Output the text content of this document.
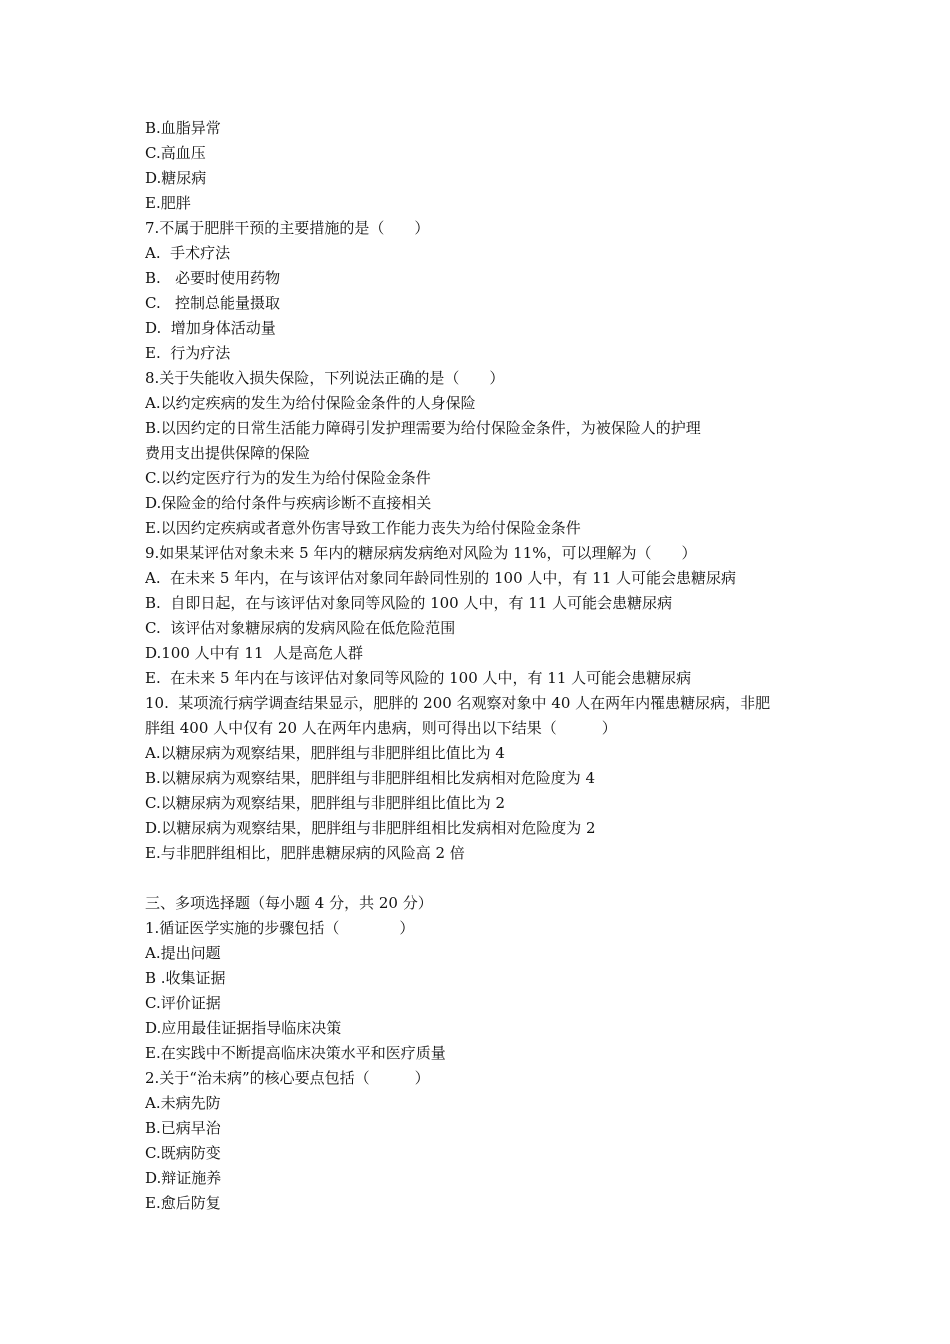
B.血脂异常
C.高血压
D.糖尿病
E.肥胖
7.不属于肥胖干预的主要措施的是（　　）
A.  手术疗法
B.   必要时使用药物
C.   控制总能量摄取
D.  增加身体活动量
E.  行为疗法
8.关于失能收入损失保险，下列说法正确的是（　　）
A.以约定疾病的发生为给付保险金条件的人身保险
B.以因约定的日常生活能力障碍引发护理需要为给付保险金条件，为被保险人的护理
费用支出提供保障的保险
C.以约定医疗行为的发生为给付保险金条件
D.保险金的给付条件与疾病诊断不直接相关
E.以因约定疾病或者意外伤害导致工作能力丧失为给付保险金条件
9.如果某评估对象未来 5 年内的糖尿病发病绝对风险为 11%，可以理解为（　　）
A.  在未来 5 年内，在与该评估对象同年龄同性别的 100 人中，有 11 人可能会患糖尿病
B.  自即日起，在与该评估对象同等风险的 100 人中，有 11 人可能会患糖尿病
C.  该评估对象糖尿病的发病风险在低危险范围
D.100 人中有 11  人是高危人群
E.  在未来 5 年内在与该评估对象同等风险的 100 人中，有 11 人可能会患糖尿病
10.  某项流行病学调查结果显示，肥胖的 200 名观察对象中 40 人在两年内罹患糖尿病，非肥
胖组 400 人中仅有 20 人在两年内患病，则可得出以下结果（　　　）
A.以糖尿病为观察结果，肥胖组与非肥胖组比值比为 4
B.以糖尿病为观察结果，肥胖组与非肥胖组相比发病相对危险度为 4
C.以糖尿病为观察结果，肥胖组与非肥胖组比值比为 2
D.以糖尿病为观察结果，肥胖组与非肥胖组相比发病相对危险度为 2
E.与非肥胖组相比，肥胖患糖尿病的风险高 2 倍
三、多项选择题（每小题 4 分，共 20 分）
1.循证医学实施的步骤包括（　　　　）
A.提出问题
B .收集证据
C.评价证据
D.应用最佳证据指导临床决策
E.在实践中不断提高临床决策水平和医疗质量
2.关于“治未病”的核心要点包括（　　　）
A.未病先防
B.已病早治
C.既病防变
D.辩证施养
E.愈后防复
